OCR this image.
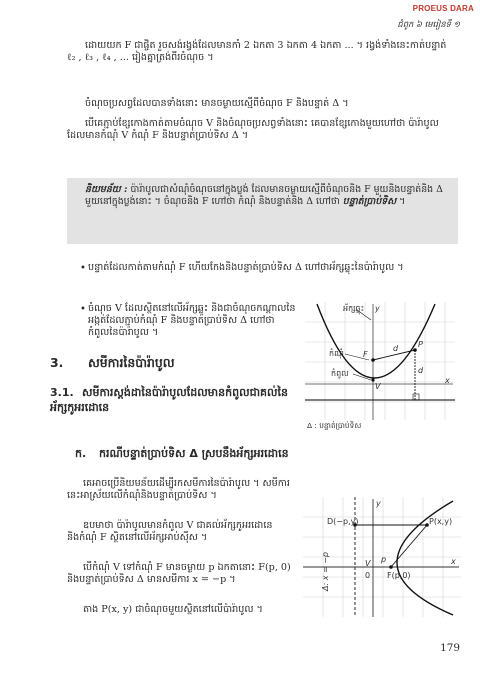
PROEUS DARA
ជំពូក ៦ មេរៀនទី ១
ដោយយក F ជាផ្ចិត រួចសង់រង្វង់ដែលមានកាំ 2 ឯកតា 3 ឯកតា 4 ឯកតា ... ។ រង្វង់ទាំងនេះកាត់បន្ទាត់ ℓ₂ , ℓ₃ , ℓ₄ , ... រៀងគ្នាត្រង់ពីរចំណុច ។
ចំណុចប្រសព្វដែលបានទាំងនោះ មានចម្ងាយស្មើពីចំណុច F និងបន្ទាត់ Δ ។
បើគេភ្ជាប់ខ្សែកោងកាត់តាមចំណុច V និងចំណុចប្រសព្វទាំងនោះ គេបានខ្សែកោងមួយហៅថា ប៉ារ៉ាបូលដែលមានកំណុំ V កំណុំ F និងបន្ទាត់ប្រាប់ទិស Δ ។
និយមន័យ : ប៉ារ៉ាបូលជាសំណុំចំណុចនៅក្នុងប្លង់ ដែលមានចម្ងាយស្មើពីចំណុចនិង F មួយនិងបន្ទាត់និង Δ មួយនៅក្នុងប្លង់នោះ ។ ចំណុចនិង F ហៅថា កំណុំ និងបន្ទាត់និង Δ ហៅថា បន្ទាត់ប្រាប់ទិស ។
• បន្ទាត់ដែលកាត់តាមកំណុំ F ហើយកែងនិងបន្ទាត់ប្រាប់ទិស Δ ហៅថាអ័ក្សឆ្លុះនៃប៉ារ៉ាបូល ។
• ចំណុច V ដែលស្ថិតនៅលើអ័ក្សឆ្លុះ និងជាចំណុចកណ្ដាលនៃអង្កត់ដែលភ្ជាប់កំណុំ F និងបន្ទាត់ប្រាប់ទិស Δ ហៅថា កំពូលនៃប៉ារ៉ាបូល ។
អ័ក្សឆ្លុះ y
F
កំណុំ
P
d
d
កំពូល
V
x
Δ : បន្ទាត់ប្រាប់ទិស
3. សមីការនៃប៉ារ៉ាបូល
3.1. សមីការស្តង់ដានៃប៉ារ៉ាបូលដែលមានកំពូលជាគល់នៃអ័ក្សកូអរដោនេ
ក. ករណីបន្ទាត់ប្រាប់ទិស Δ ស្របនឹងអ័ក្សអរដោនេ
គេអាចប្រើនិយមន័យដើម្បីរកសមីការនៃប៉ារ៉ាបូល ។ សមីការនេះអាស្រ័យលើកំណុំនិងបន្ទាត់ប្រាប់ទិស ។
ឧបមាថា ប៉ារ៉ាបូលមានកំពូល V ជាគល់អ័ក្សកូអរដោនេ និងកំណុំ F ស្ថិតនៅលើអ័ក្សអាប់ស៊ីស ។
បើកំណុំ V ទៅកំណុំ F មានចម្ងាយ p ឯកតានោះ F(p, 0) និងបន្ទាត់ប្រាប់ទិស Δ មានសមីការ x = −p ។
តាង P(x, y) ជាចំណុចមួយស្ថិតនៅលើប៉ារ៉ាបូល ។
D(−p,y)	P(x,y)
F(p,0)
V p
0
x
y
Δ: x = −p
179
